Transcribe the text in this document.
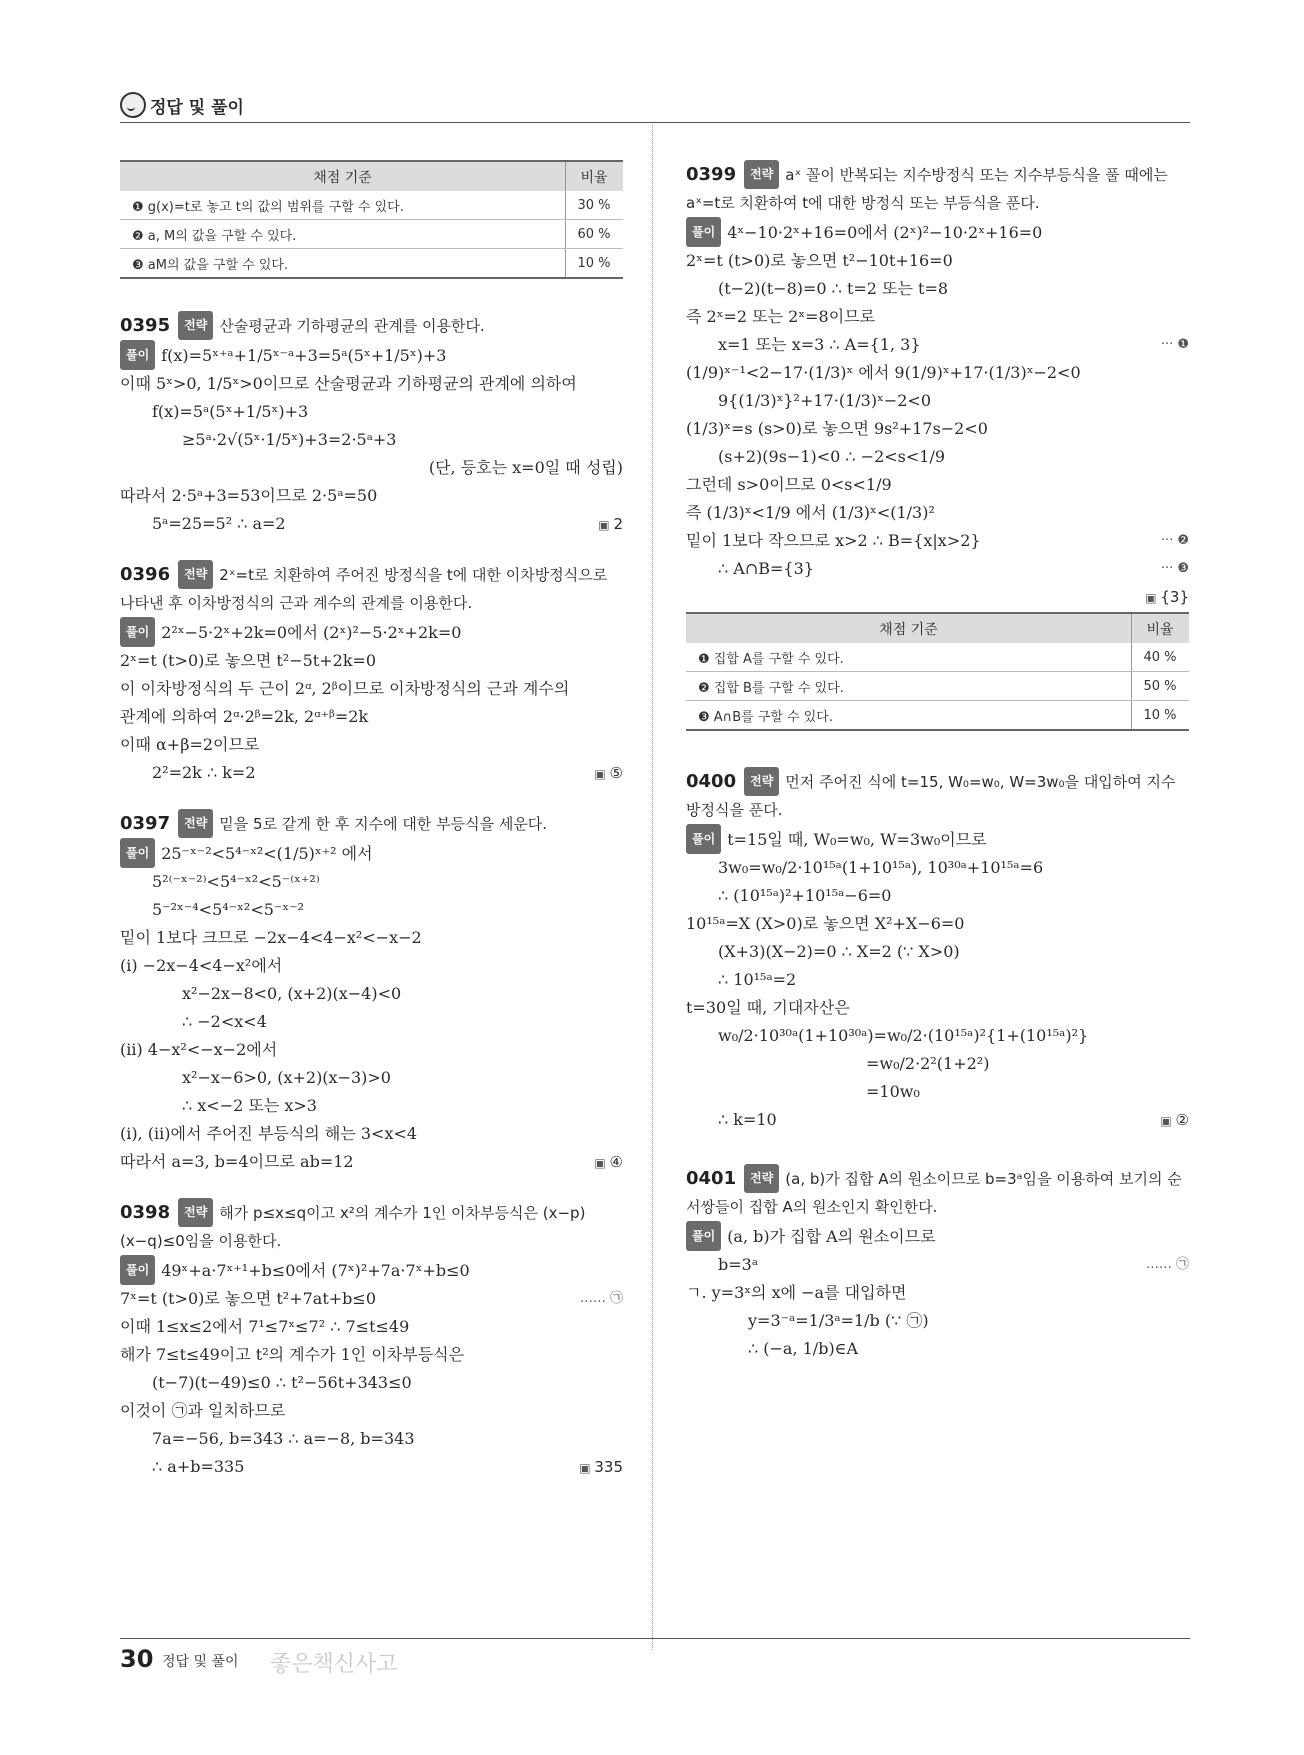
정답 및 풀이
채점 기준	비율
❶ g(x)=t로 놓고 t의 값의 범위를 구할 수 있다.	30 %
❷ a, M의 값을 구할 수 있다.	60 %
❸ aM의 값을 구할 수 있다.	10 %
0395 전략 산술평균과 기하평균의 관계를 이용한다.
풀이 f(x)=5ˣ⁺ᵃ+1/5ˣ⁻ᵃ+3=5ᵃ(5ˣ+1/5ˣ)+3
이때 5ˣ>0, 1/5ˣ>0이므로 산술평균과 기하평균의 관계에 의하여
f(x)=5ᵃ(5ˣ+1/5ˣ)+3
≥5ᵃ·2√(5ˣ·1/5ˣ)+3=2·5ᵃ+3
(단, 등호는 x=0일 때 성립)
따라서 2·5ᵃ+3=53이므로 2·5ᵃ=50
5ᵃ=25=5² ∴ a=2	▣ 2
0396 전략 2ˣ=t로 치환하여 주어진 방정식을 t에 대한 이차방정식으로 나타낸 후 이차방정식의 근과 계수의 관계를 이용한다.
풀이 2²ˣ−5·2ˣ+2k=0에서 (2ˣ)²−5·2ˣ+2k=0
2ˣ=t (t>0)로 놓으면 t²−5t+2k=0
이 이차방정식의 두 근이 2ᵅ, 2ᵝ이므로 이차방정식의 근과 계수의
관계에 의하여 2ᵅ·2ᵝ=2k, 2ᵅ⁺ᵝ=2k
이때 α+β=2이므로
2²=2k ∴ k=2	▣ ⑤
0397 전략 밑을 5로 같게 한 후 지수에 대한 부등식을 세운다.
풀이 25⁻ˣ⁻²<5⁴⁻ˣ²<(1/5)ˣ⁺² 에서
5²⁽⁻ˣ⁻²⁾<5⁴⁻ˣ²<5⁻⁽ˣ⁺²⁾
5⁻²ˣ⁻⁴<5⁴⁻ˣ²<5⁻ˣ⁻²
밑이 1보다 크므로 −2x−4<4−x²<−x−2
(i) −2x−4<4−x²에서
x²−2x−8<0, (x+2)(x−4)<0
∴ −2<x<4
(ii) 4−x²<−x−2에서
x²−x−6>0, (x+2)(x−3)>0
∴ x<−2 또는 x>3
(i), (ii)에서 주어진 부등식의 해는 3<x<4
따라서 a=3, b=4이므로 ab=12	▣ ④
0398 전략 해가 p≤x≤q이고 x²의 계수가 1인 이차부등식은 (x−p)(x−q)≤0임을 이용한다.
풀이 49ˣ+a·7ˣ⁺¹+b≤0에서 (7ˣ)²+7a·7ˣ+b≤0
7ˣ=t (t>0)로 놓으면 t²+7at+b≤0	…… ㉠
이때 1≤x≤2에서 7¹≤7ˣ≤7² ∴ 7≤t≤49
해가 7≤t≤49이고 t²의 계수가 1인 이차부등식은
(t−7)(t−49)≤0 ∴ t²−56t+343≤0
이것이 ㉠과 일치하므로
7a=−56, b=343 ∴ a=−8, b=343
∴ a+b=335	▣ 335
0399 전략 aˣ 꼴이 반복되는 지수방정식 또는 지수부등식을 풀 때에는 aˣ=t로 치환하여 t에 대한 방정식 또는 부등식을 푼다.
풀이 4ˣ−10·2ˣ+16=0에서 (2ˣ)²−10·2ˣ+16=0
2ˣ=t (t>0)로 놓으면 t²−10t+16=0
(t−2)(t−8)=0 ∴ t=2 또는 t=8
즉 2ˣ=2 또는 2ˣ=8이므로
x=1 또는 x=3 ∴ A={1, 3}	··· ❶
(1/9)ˣ⁻¹<2−17·(1/3)ˣ 에서 9(1/9)ˣ+17·(1/3)ˣ−2<0
9{(1/3)ˣ}²+17·(1/3)ˣ−2<0
(1/3)ˣ=s (s>0)로 놓으면 9s²+17s−2<0
(s+2)(9s−1)<0 ∴ −2<s<1/9
그런데 s>0이므로 0<s<1/9
즉 (1/3)ˣ<1/9 에서 (1/3)ˣ<(1/3)²
밑이 1보다 작으므로 x>2 ∴ B={x|x>2}	··· ❷
∴ A∩B={3}	··· ❸
▣ {3}
채점 기준	비율
❶ 집합 A를 구할 수 있다.	40 %
❷ 집합 B를 구할 수 있다.	50 %
❸ A∩B를 구할 수 있다.	10 %
0400 전략 먼저 주어진 식에 t=15, W₀=w₀, W=3w₀을 대입하여 지수방정식을 푼다.
풀이 t=15일 때, W₀=w₀, W=3w₀이므로
3w₀=w₀/2·10¹⁵ᵃ(1+10¹⁵ᵃ), 10³⁰ᵃ+10¹⁵ᵃ=6
∴ (10¹⁵ᵃ)²+10¹⁵ᵃ−6=0
10¹⁵ᵃ=X (X>0)로 놓으면 X²+X−6=0
(X+3)(X−2)=0 ∴ X=2 (∵ X>0)
∴ 10¹⁵ᵃ=2
t=30일 때, 기대자산은
w₀/2·10³⁰ᵃ(1+10³⁰ᵃ)=w₀/2·(10¹⁵ᵃ)²{1+(10¹⁵ᵃ)²}
=w₀/2·2²(1+2²)
=10w₀
∴ k=10	▣ ②
0401 전략 (a, b)가 집합 A의 원소이므로 b=3ᵃ임을 이용하여 보기의 순서쌍들이 집합 A의 원소인지 확인한다.
풀이 (a, b)가 집합 A의 원소이므로
b=3ᵃ	…… ㉠
ㄱ. y=3ˣ의 x에 −a를 대입하면
y=3⁻ᵃ=1/3ᵃ=1/b (∵ ㉠)
∴ (−a, 1/b)∈A
30 정답 및 풀이 좋은책신사고
